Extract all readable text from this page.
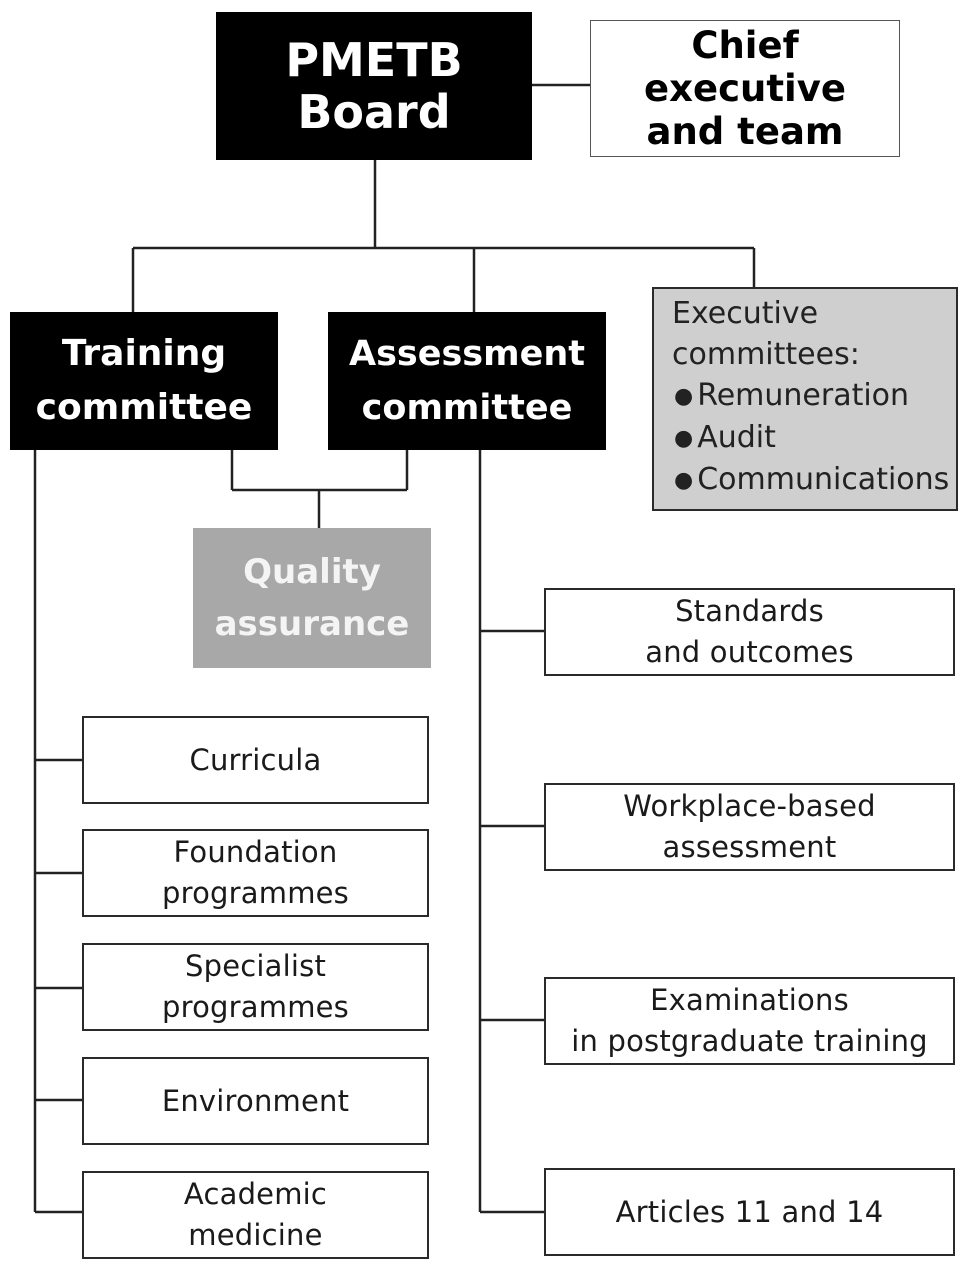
PMETB
Board
Chief
executive
and team
Training
committee
Assessment
committee
Executive
committees:
● Remuneration
● Audit
● Communications
Quality
assurance
Curricula
Foundation
programmes
Specialist
programmes
Environment
Academic
medicine
Standards
and outcomes
Workplace-based
assessment
Examinations
in postgraduate training
Articles 11 and 14
